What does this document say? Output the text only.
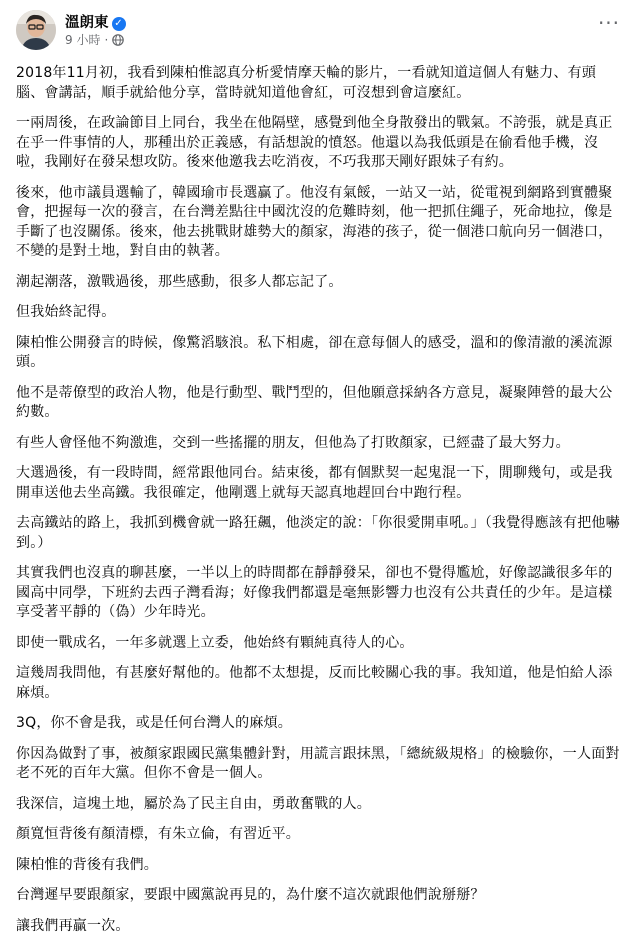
溫朗東 ✓
9 小時 ·
···

2018年11月初，我看到陳柏惟認真分析愛情摩天輪的影片，一看就知道這個人有魅力、有頭腦、會講話，順手就給他分享，當時就知道他會紅，可沒想到會這麼紅。

一兩周後，在政論節目上同台，我坐在他隔壁，感覺到他全身散發出的戰氣。不誇張，就是真正在乎一件事情的人，那種出於正義感，有話想說的憤怒。他還以為我低頭是在偷看他手機，沒啦，我剛好在發呆想攻防。後來他邀我去吃消夜，不巧我那天剛好跟妹子有約。

後來，他市議員選輸了，韓國瑜市長選贏了。他沒有氣餒，一站又一站，從電視到網路到實體聚會，把握每一次的發言，在台灣差點往中國沈沒的危難時刻，他一把抓住繩子，死命地拉，像是手斷了也沒關係。後來，他去挑戰財雄勢大的顏家，海港的孩子，從一個港口航向另一個港口，不變的是對土地，對自由的執著。

潮起潮落，激戰過後，那些感動，很多人都忘記了。

但我始終記得。

陳柏惟公開發言的時候，像驚滔駭浪。私下相處，卻在意每個人的感受，溫和的像清澈的溪流源頭。

他不是蒂僚型的政治人物，他是行動型、戰鬥型的，但他願意採納各方意見，凝聚陣營的最大公約數。

有些人會怪他不夠激進，交到一些搖擺的朋友，但他為了打敗顏家，已經盡了最大努力。

大選過後，有一段時間，經常跟他同台。結束後，都有個默契一起鬼混一下，閒聊幾句，或是我開車送他去坐高鐵。我很確定，他剛選上就每天認真地趕回台中跑行程。

去高鐵站的路上，我抓到機會就一路狂飆，他淡定的說：「你很愛開車吼。」（我覺得應該有把他嚇到。）

其實我們也沒真的聊甚麼，一半以上的時間都在靜靜發呆，卻也不覺得尷尬，好像認識很多年的國高中同學，下班約去西子灣看海；好像我們都還是毫無影響力也沒有公共責任的少年。是這樣享受著平靜的（偽）少年時光。

即使一戰成名，一年多就選上立委，他始終有顆純真待人的心。

這幾周我問他，有甚麼好幫他的。他都不太想提，反而比較關心我的事。我知道，他是怕給人添麻煩。

3Q，你不會是我，或是任何台灣人的麻煩。

你因為做對了事，被顏家跟國民黨集體針對，用謊言跟抹黑，「總統級規格」的檢驗你，一人面對老不死的百年大黨。但你不會是一個人。

我深信，這塊土地，屬於為了民主自由，勇敢奮戰的人。

顏寬恒背後有顏清標，有朱立倫，有習近平。

陳柏惟的背後有我們。

台灣遲早要跟顏家，要跟中國黨說再見的，為什麼不這次就跟他們說掰掰？

讓我們再贏一次。
